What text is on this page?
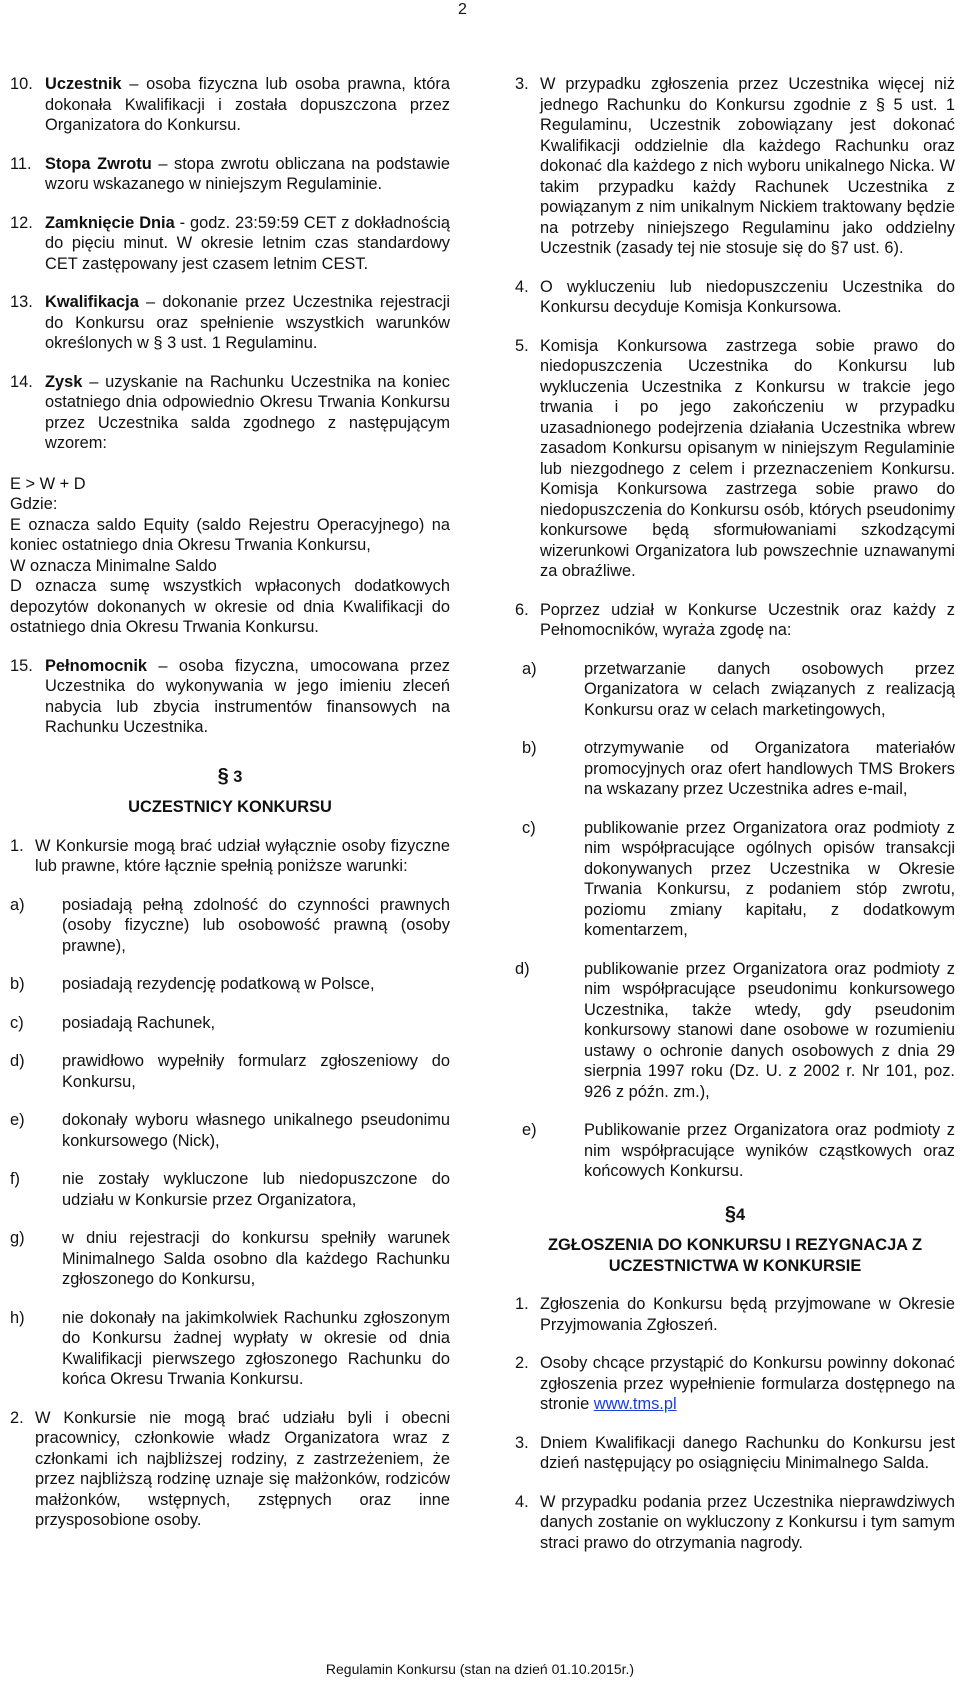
2
10. Uczestnik – osoba fizyczna lub osoba prawna, która dokonała Kwalifikacji i została dopuszczona przez Organizatora do Konkursu.
11. Stopa Zwrotu – stopa zwrotu obliczana na podstawie wzoru wskazanego w niniejszym Regulaminie.
12. Zamknięcie Dnia - godz. 23:59:59 CET z dokładnością do pięciu minut. W okresie letnim czas standardowy CET zastępowany jest czasem letnim CEST.
13. Kwalifikacja – dokonanie przez Uczestnika rejestracji do Konkursu oraz spełnienie wszystkich warunków określonych w § 3 ust. 1 Regulaminu.
14. Zysk – uzyskanie na Rachunku Uczestnika na koniec ostatniego dnia odpowiednio Okresu Trwania Konkursu przez Uczestnika salda zgodnego z następującym wzorem:

E > W + D

Gdzie:

E oznacza saldo Equity (saldo Rejestru Operacyjnego) na koniec ostatniego dnia Okresu Trwania Konkursu,

W oznacza Minimalne Saldo

D oznacza sumę wszystkich wpłaconych dodatkowych depozytów dokonanych w okresie od dnia Kwalifikacji do ostatniego dnia Okresu Trwania Konkursu.

15. Pełnomocnik – osoba fizyczna, umocowana przez Uczestnika do wykonywania w jego imieniu zleceń nabycia lub zbycia instrumentów finansowych na Rachunku Uczestnika.
§ 3
UCZESTNICY KONKURSU
1. W Konkursie mogą brać udział wyłącznie osoby fizyczne lub prawne, które łącznie spełnią poniższe warunki:
a) posiadają pełną zdolność do czynności prawnych (osoby fizyczne) lub osobowość prawną (osoby prawne),
b) posiadają rezydencję podatkową w Polsce,
c) posiadają Rachunek,
d) prawidłowo wypełniły formularz zgłoszeniowy do Konkursu,
e) dokonały wyboru własnego unikalnego pseudonimu konkursowego (Nick),
f)	nie zostały wykluczone lub niedopuszczone do udziału w Konkursie przez Organizatora,
g) w dniu rejestracji do konkursu spełniły warunek Minimalnego Salda osobno dla każdego Rachunku zgłoszonego do Konkursu,
h) nie dokonały na jakimkolwiek Rachunku zgłoszonym do Konkursu żadnej wypłaty w okresie od dnia Kwalifikacji pierwszego zgłoszonego Rachunku do końca Okresu Trwania Konkursu.
2. W Konkursie nie mogą brać udziału byli i obecni pracownicy, członkowie władz Organizatora wraz z członkami ich najbliższej rodziny, z zastrzeżeniem, że przez najbliższą rodzinę uznaje się małżonków, rodziców małżonków, wstępnych, zstępnych oraz inne przysposobione osoby.
3. W przypadku zgłoszenia przez Uczestnika więcej niż jednego Rachunku do Konkursu zgodnie z § 5 ust. 1 Regulaminu, Uczestnik zobowiązany jest dokonać Kwalifikacji oddzielnie dla każdego Rachunku oraz dokonać dla każdego z nich wyboru unikalnego Nicka. W takim przypadku każdy Rachunek Uczestnika z powiązanym z nim unikalnym Nickiem traktowany będzie na potrzeby niniejszego Regulaminu jako oddzielny Uczestnik (zasady tej nie stosuje się do §7 ust. 6).
4. O wykluczeniu lub niedopuszczeniu Uczestnika do Konkursu decyduje Komisja Konkursowa.
5. Komisja Konkursowa zastrzega sobie prawo do niedopuszczenia Uczestnika do Konkursu lub wykluczenia Uczestnika z Konkursu w trakcie jego trwania i po jego zakończeniu w przypadku uzasadnionego podejrzenia działania Uczestnika wbrew zasadom Konkursu opisanym w niniejszym Regulaminie lub niezgodnego z celem i przeznaczeniem Konkursu. Komisja Konkursowa zastrzega sobie prawo do niedopuszczenia do Konkursu osób, których pseudonimy konkursowe będą sformułowaniami szkodzącymi wizerunkowi Organizatora lub powszechnie uznawanymi za obraźliwe.
6. Poprzez udział w Konkurse Uczestnik oraz każdy z Pełnomocników, wyraża zgodę na:
a)	przetwarzanie danych osobowych przez Organizatora w celach związanych z realizacją Konkursu oraz w celach marketingowych,
b)	otrzymywanie od Organizatora materiałów promocyjnych oraz ofert handlowych TMS Brokers na wskazany przez Uczestnika adres e-mail,
c)	publikowanie przez Organizatora oraz podmioty z nim współpracujące ogólnych opisów transakcji dokonywanych przez Uczestnika w Okresie Trwania Konkursu, z podaniem stóp zwrotu, poziomu zmiany kapitału, z dodatkowym komentarzem,
d)	publikowanie przez Organizatora oraz podmioty z nim współpracujące pseudonimu konkursowego Uczestnika, także wtedy, gdy pseudonim konkursowy stanowi dane osobowe w rozumieniu ustawy o ochronie danych osobowych z dnia 29 sierpnia 1997 roku (Dz. U. z 2002 r. Nr 101, poz. 926 z późn. zm.),
e)	Publikowanie przez Organizatora oraz podmioty z nim współpracujące wyników cząstkowych oraz końcowych Konkursu.
§4
ZGŁOSZENIA DO KONKURSU I REZYGNACJA Z UCZESTNICTWA W KONKURSIE
1. Zgłoszenia do Konkursu będą przyjmowane w Okresie Przyjmowania Zgłoszeń.
2. Osoby chcące przystąpić do Konkursu powinny dokonać zgłoszenia przez wypełnienie formularza dostępnego na stronie www.tms.pl
3. Dniem Kwalifikacji danego Rachunku do Konkursu jest dzień następujący po osiągnięciu Minimalnego Salda.
4. W przypadku podania przez Uczestnika nieprawdziwych danych zostanie on wykluczony z Konkursu i tym samym straci prawo do otrzymania nagrody.
Regulamin Konkursu (stan na dzień 01.10.2015r.)
